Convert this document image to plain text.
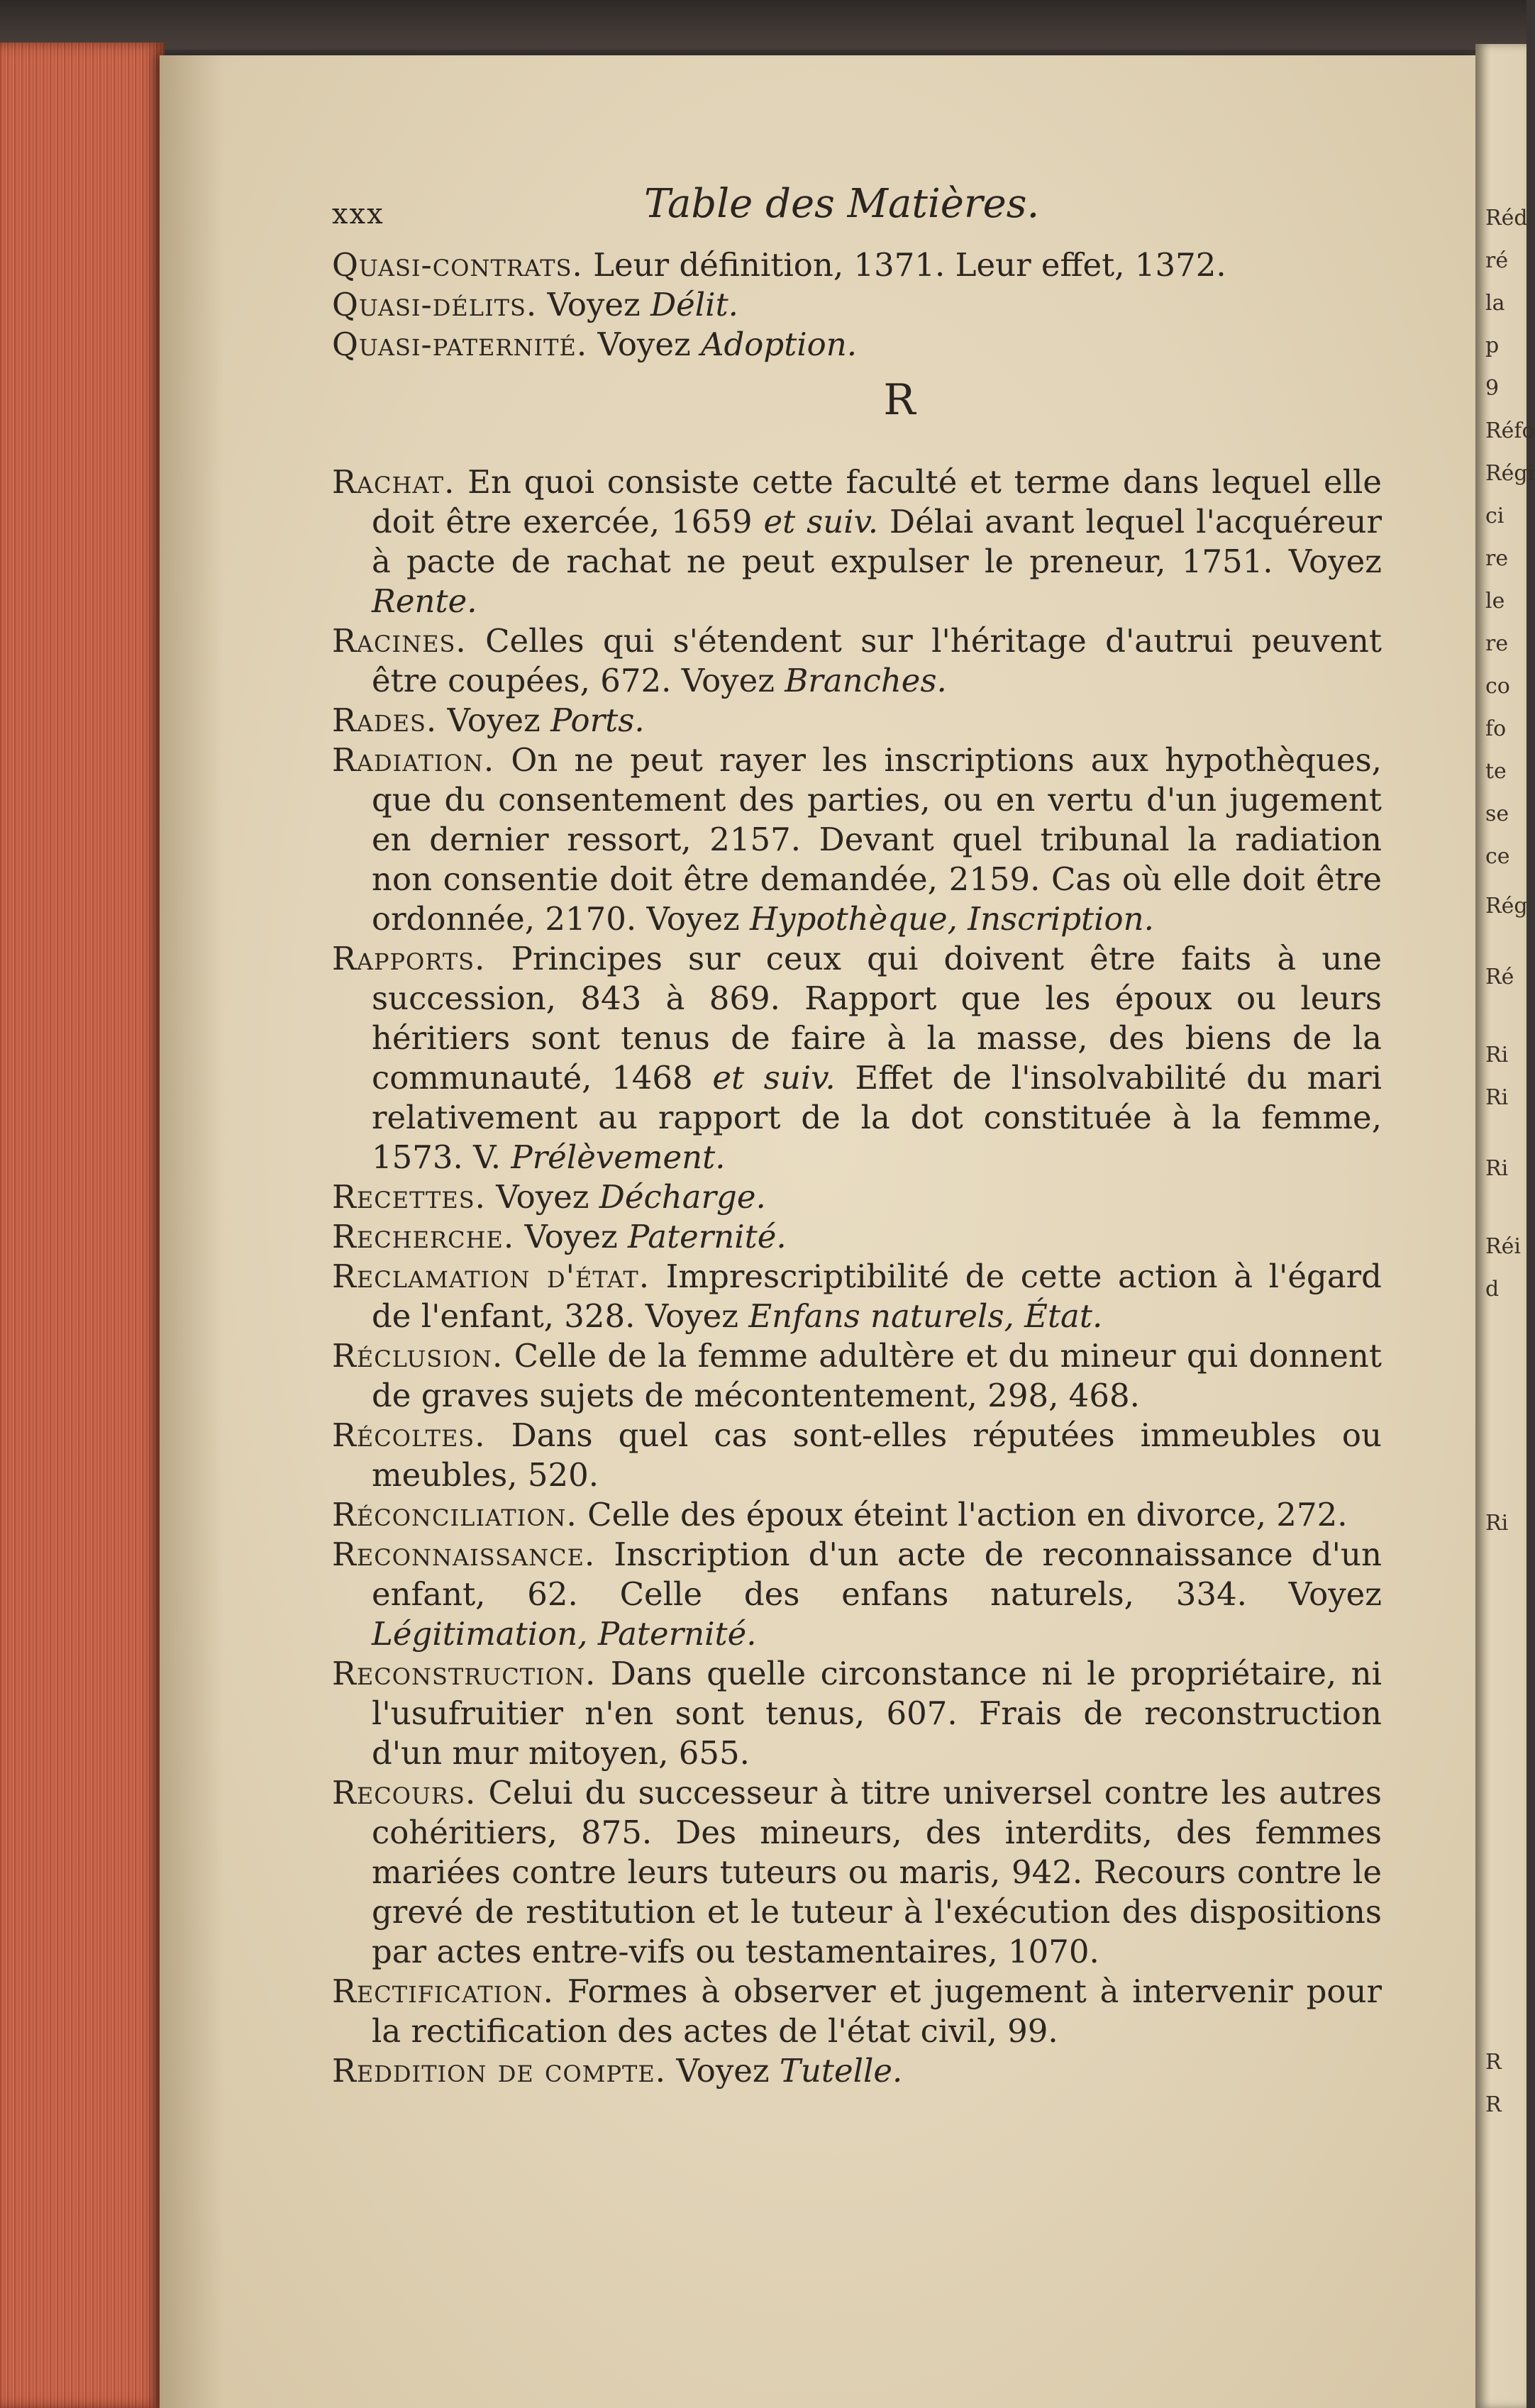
Réd
ré
la
p
9
Réfo
Régi
ci
re
le
re
co
fo
te
se
ce
Rég
Ré
Ri
Ri
Ri
Réi
d
Ri
R
R
xxx	Table des Matières.

Quasi-contrats. Leur définition, 1371. Leur effet, 1372.

Quasi-délits. Voyez Délit.

Quasi-paternité. Voyez Adoption.

R

Rachat. En quoi consiste cette faculté et terme dans lequel elle doit être exercée, 1659 et suiv. Délai avant lequel l'acquéreur à pacte de rachat ne peut expulser le preneur, 1751. Voyez Rente.

Racines. Celles qui s'étendent sur l'héritage d'autrui peuvent être coupées, 672. Voyez Branches.

Rades. Voyez Ports.

Radiation. On ne peut rayer les inscriptions aux hypothèques, que du consentement des parties, ou en vertu d'un jugement en dernier ressort, 2157. Devant quel tribunal la radiation non consentie doit être demandée, 2159. Cas où elle doit être ordonnée, 2170. Voyez Hypothèque, Inscription.

Rapports. Principes sur ceux qui doivent être faits à une succession, 843 à 869. Rapport que les époux ou leurs héritiers sont tenus de faire à la masse, des biens de la communauté, 1468 et suiv. Effet de l'insolvabilité du mari relativement au rapport de la dot constituée à la femme, 1573. V. Prélèvement.

Recettes. Voyez Décharge.

Recherche. Voyez Paternité.

Reclamation d'état. Imprescriptibilité de cette action à l'égard de l'enfant, 328. Voyez Enfans naturels, État.

Réclusion. Celle de la femme adultère et du mineur qui donnent de graves sujets de mécontentement, 298, 468.

Récoltes. Dans quel cas sont-elles réputées immeubles ou meubles, 520.

Réconciliation. Celle des époux éteint l'action en divorce, 272.

Reconnaissance. Inscription d'un acte de reconnaissance d'un enfant, 62. Celle des enfans naturels, 334. Voyez Légitimation, Paternité.

Reconstruction. Dans quelle circonstance ni le propriétaire, ni l'usufruitier n'en sont tenus, 607. Frais de reconstruction d'un mur mitoyen, 655.

Recours. Celui du successeur à titre universel contre les autres cohéritiers, 875. Des mineurs, des interdits, des femmes mariées contre leurs tuteurs ou maris, 942. Recours contre le grevé de restitution et le tuteur à l'exécution des dispositions par actes entre-vifs ou testamentaires, 1070.

Rectification. Formes à observer et jugement à intervenir pour la rectification des actes de l'état civil, 99.

Reddition de compte. Voyez Tutelle.
